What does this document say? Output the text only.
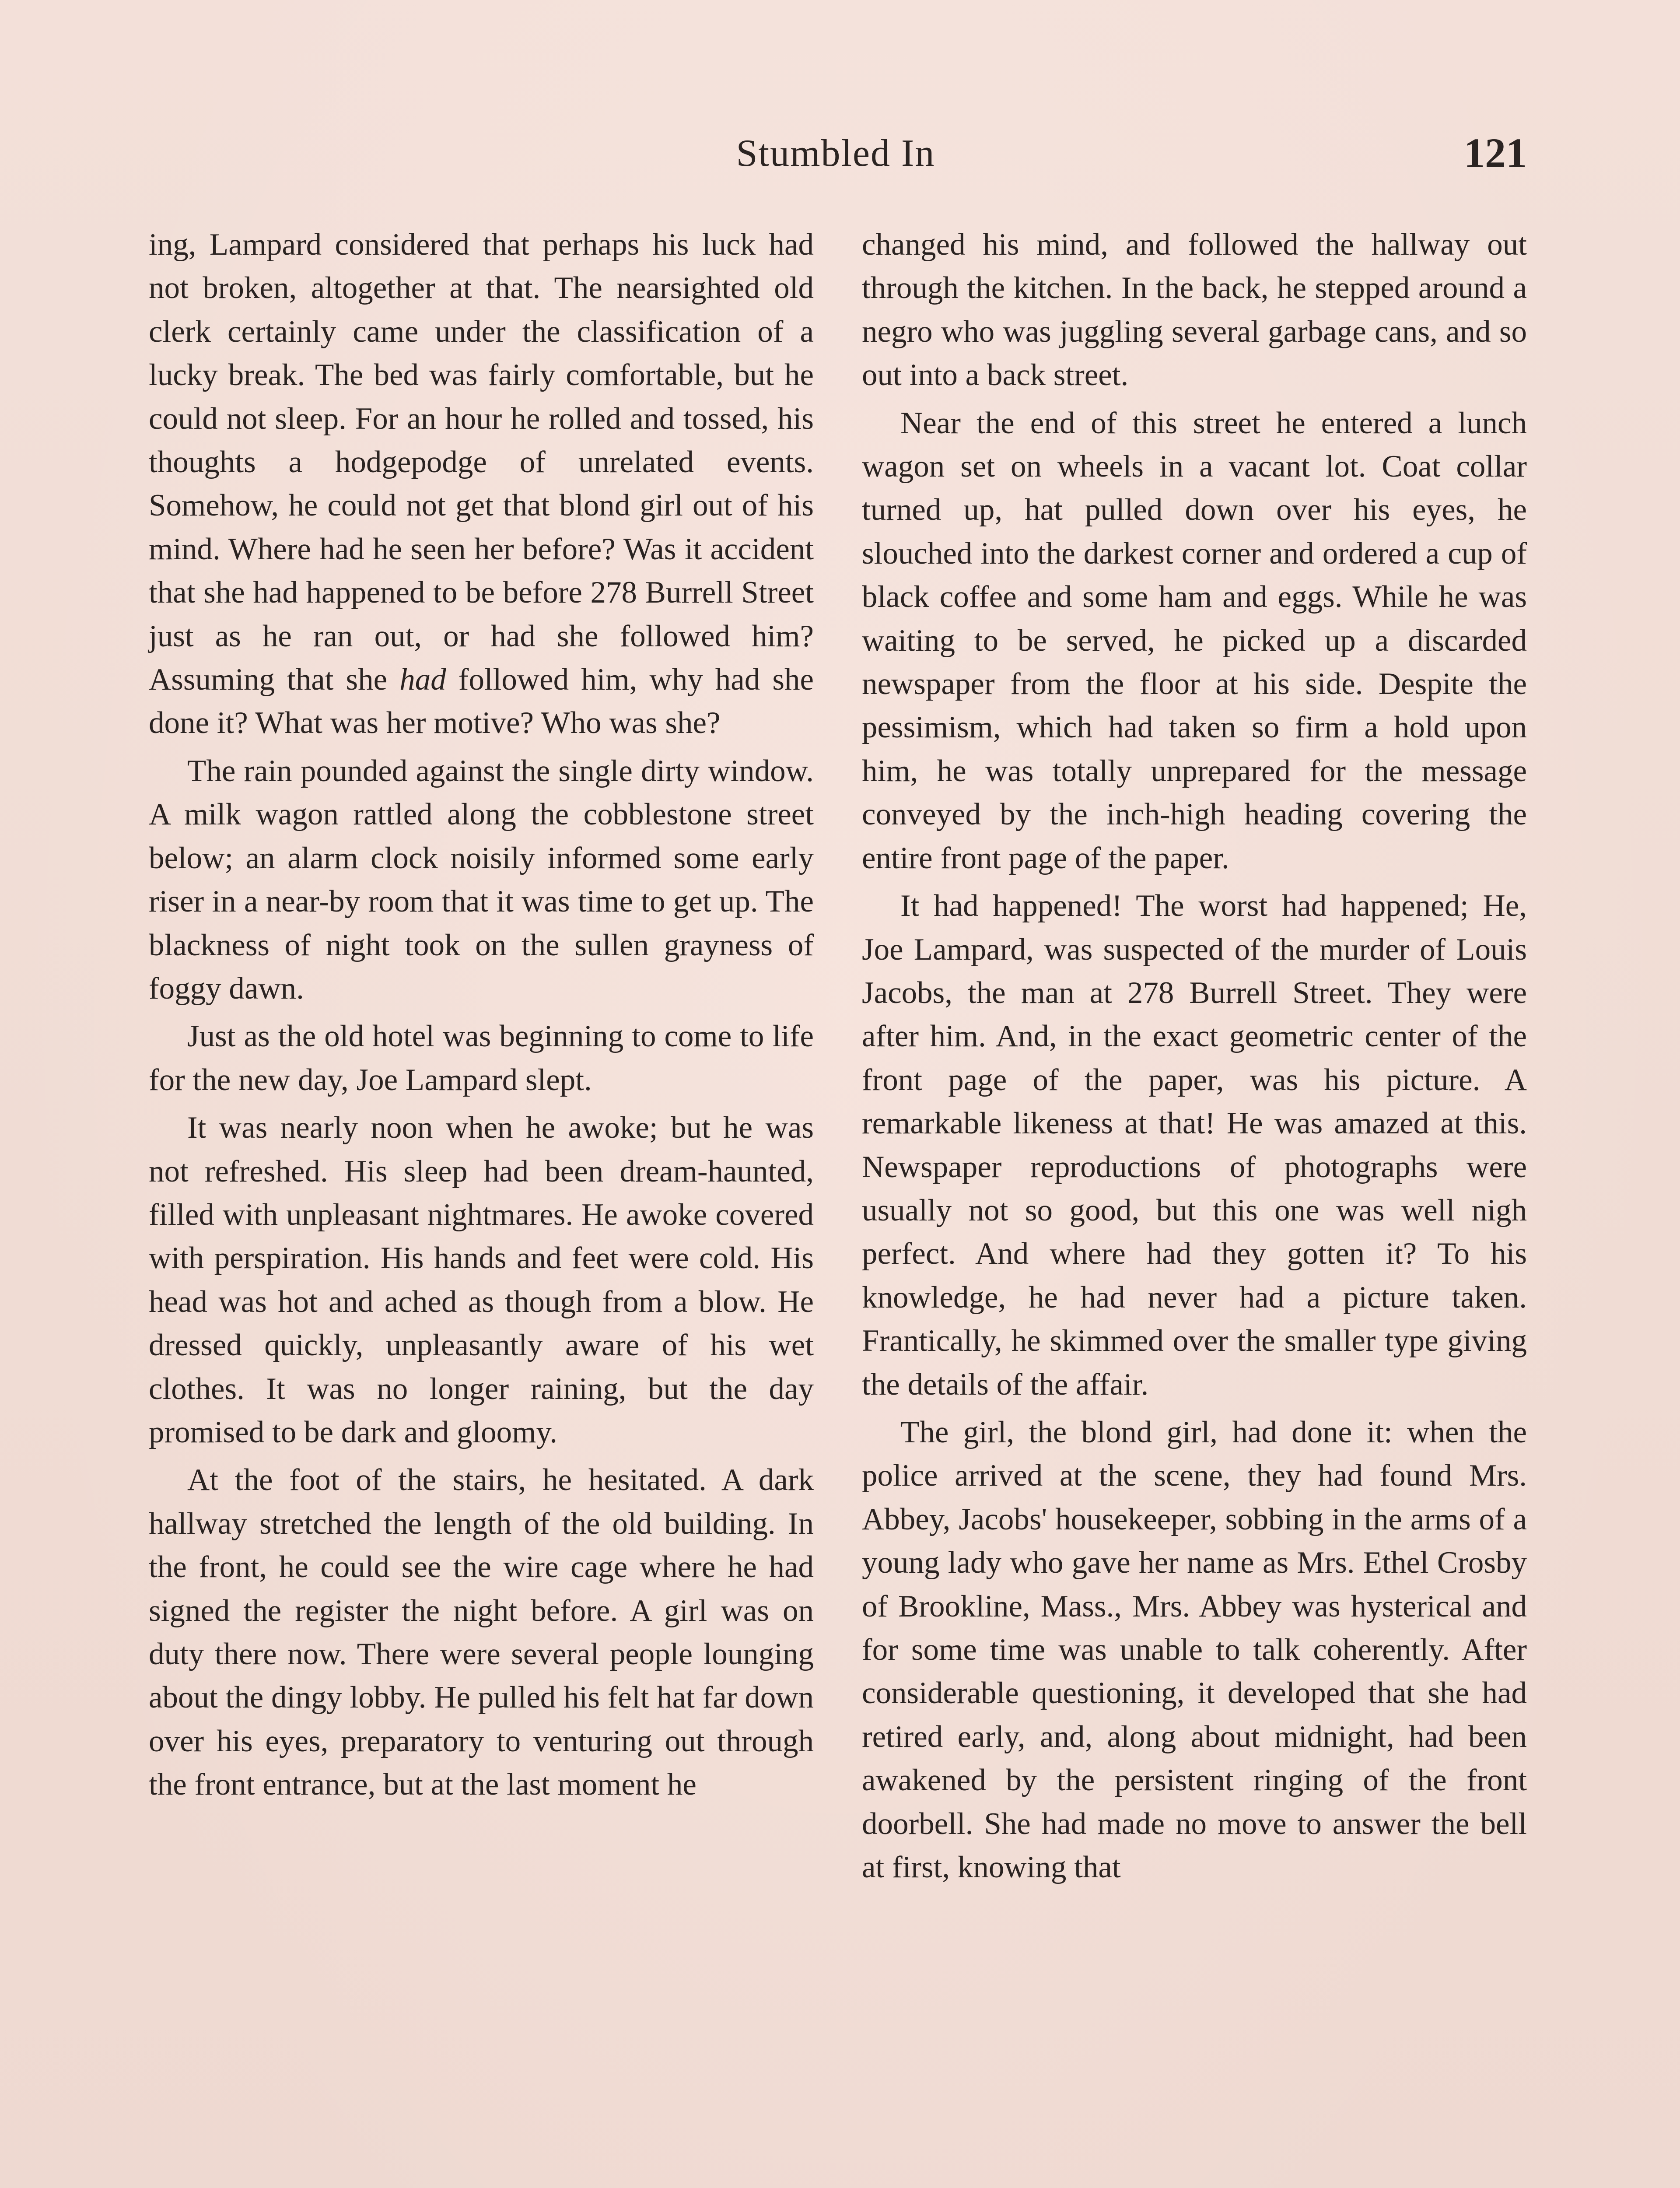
Stumbled In	121

ing, Lampard considered that perhaps his luck had not broken, altogether at that. The nearsighted old clerk certainly came under the classification of a lucky break. The bed was fairly comfortable, but he could not sleep. For an hour he rolled and tossed, his thoughts a hodgepodge of unrelated events. Somehow, he could not get that blond girl out of his mind. Where had he seen her before? Was it accident that she had happened to be before 278 Burrell Street just as he ran out, or had she followed him? Assuming that she had followed him, why had she done it? What was her motive? Who was she?

The rain pounded against the single dirty window. A milk wagon rattled along the cobblestone street below; an alarm clock noisily informed some early riser in a near-by room that it was time to get up. The blackness of night took on the sullen grayness of foggy dawn.

Just as the old hotel was beginning to come to life for the new day, Joe Lampard slept.

It was nearly noon when he awoke; but he was not refreshed. His sleep had been dream-haunted, filled with unpleasant nightmares. He awoke covered with perspiration. His hands and feet were cold. His head was hot and ached as though from a blow. He dressed quickly, unpleasantly aware of his wet clothes. It was no longer raining, but the day promised to be dark and gloomy.

At the foot of the stairs, he hesitated. A dark hallway stretched the length of the old building. In the front, he could see the wire cage where he had signed the register the night before. A girl was on duty there now. There were several people lounging about the dingy lobby. He pulled his felt hat far down over his eyes, preparatory to venturing out through the front entrance, but at the last moment he

changed his mind, and followed the hallway out through the kitchen. In the back, he stepped around a negro who was juggling several garbage cans, and so out into a back street.

Near the end of this street he entered a lunch wagon set on wheels in a vacant lot. Coat collar turned up, hat pulled down over his eyes, he slouched into the darkest corner and ordered a cup of black coffee and some ham and eggs. While he was waiting to be served, he picked up a discarded newspaper from the floor at his side. Despite the pessimism, which had taken so firm a hold upon him, he was totally unprepared for the message conveyed by the inch-high heading covering the entire front page of the paper.

It had happened! The worst had happened; He, Joe Lampard, was suspected of the murder of Louis Jacobs, the man at 278 Burrell Street. They were after him. And, in the exact geometric center of the front page of the paper, was his picture. A remarkable likeness at that! He was amazed at this. Newspaper reproductions of photographs were usually not so good, but this one was well nigh perfect. And where had they gotten it? To his knowledge, he had never had a picture taken. Frantically, he skimmed over the smaller type giving the details of the affair.

The girl, the blond girl, had done it: when the police arrived at the scene, they had found Mrs. Abbey, Jacobs' housekeeper, sobbing in the arms of a young lady who gave her name as Mrs. Ethel Crosby of Brookline, Mass., Mrs. Abbey was hysterical and for some time was unable to talk coherently. After considerable questioning, it developed that she had retired early, and, along about midnight, had been awakened by the persistent ringing of the front doorbell. She had made no move to answer the bell at first, knowing that
